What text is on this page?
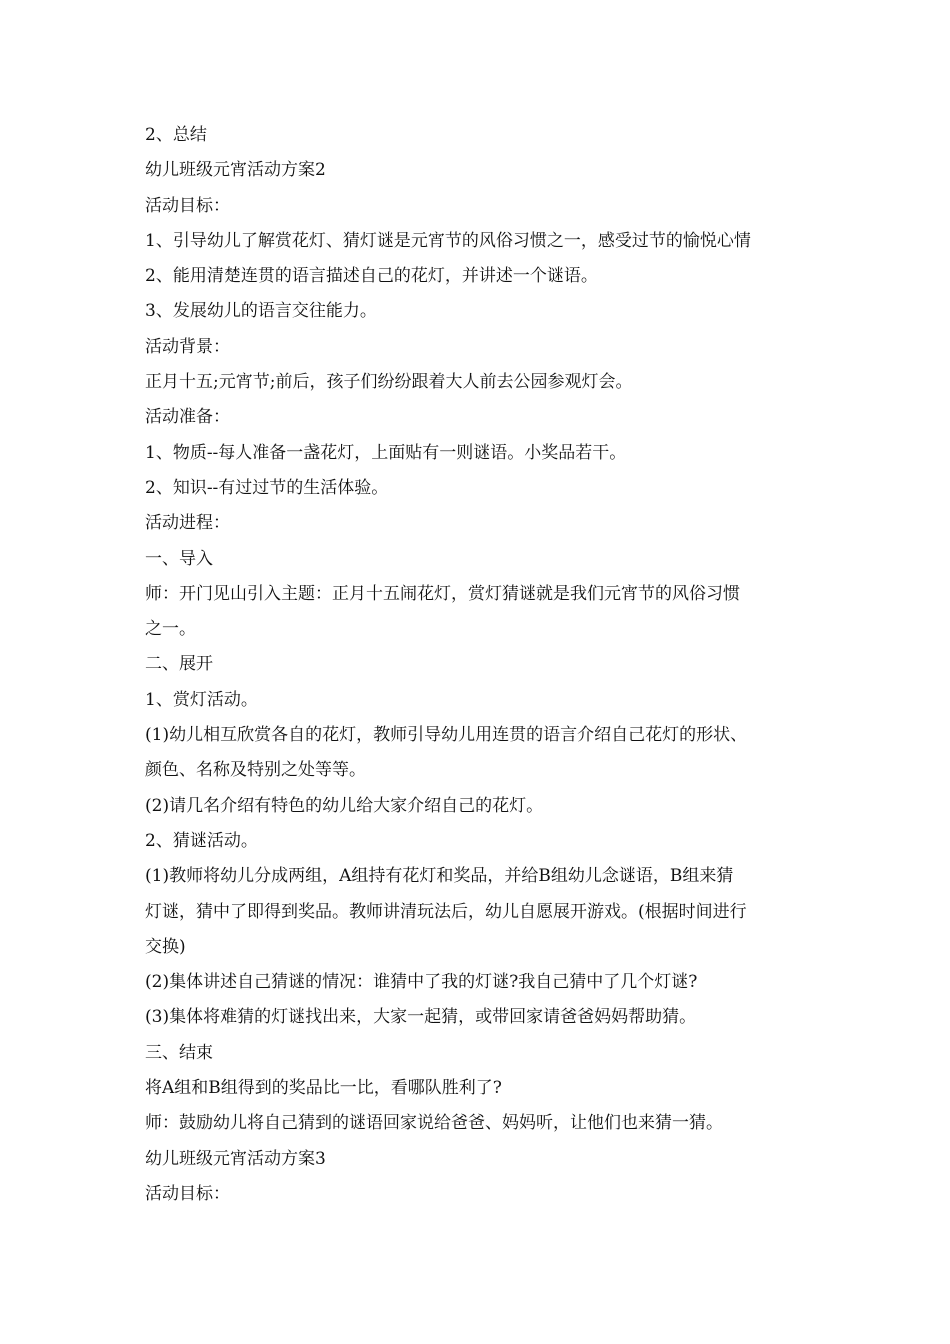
2、总结
幼儿班级元宵活动方案2
活动目标：
1、引导幼儿了解赏花灯、猜灯谜是元宵节的风俗习惯之一，感受过节的愉悦心情
2、能用清楚连贯的语言描述自己的花灯，并讲述一个谜语。
3、发展幼儿的语言交往能力。
活动背景：
正月十五;元宵节;前后，孩子们纷纷跟着大人前去公园参观灯会。
活动准备：
1、物质--每人准备一盏花灯，上面贴有一则谜语。小奖品若干。
2、知识--有过过节的生活体验。
活动进程：
一、导入
师：开门见山引入主题：正月十五闹花灯，赏灯猜谜就是我们元宵节的风俗习惯
之一。
二、展开
1、赏灯活动。
(1)幼儿相互欣赏各自的花灯，教师引导幼儿用连贯的语言介绍自己花灯的形状、
颜色、名称及特别之处等等。
(2)请几名介绍有特色的幼儿给大家介绍自己的花灯。
2、猜谜活动。
(1)教师将幼儿分成两组，A组持有花灯和奖品，并给B组幼儿念谜语，B组来猜
灯谜，猜中了即得到奖品。教师讲清玩法后，幼儿自愿展开游戏。(根据时间进行
交换)
(2)集体讲述自己猜谜的情况：谁猜中了我的灯谜?我自己猜中了几个灯谜?
(3)集体将难猜的灯谜找出来，大家一起猜，或带回家请爸爸妈妈帮助猜。
三、结束
将A组和B组得到的奖品比一比，看哪队胜利了?
师：鼓励幼儿将自己猜到的谜语回家说给爸爸、妈妈听，让他们也来猜一猜。
幼儿班级元宵活动方案3
活动目标：
